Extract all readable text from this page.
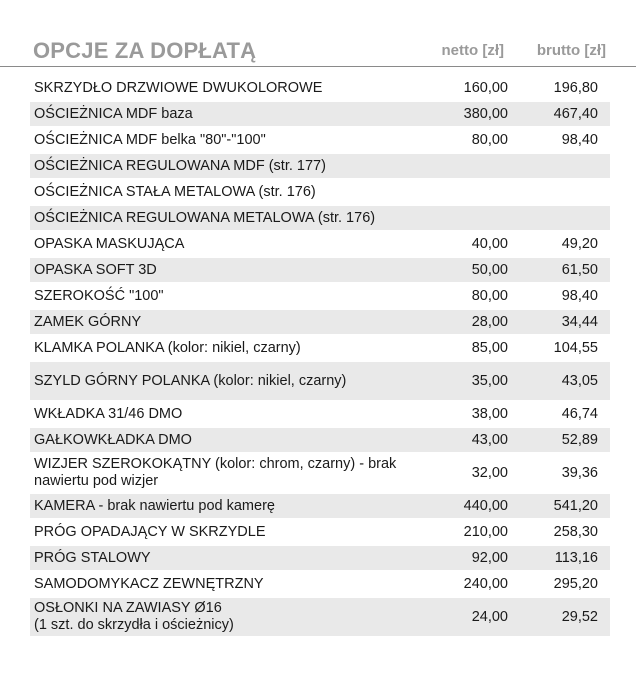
OPCJE ZA DOPŁATĄ	netto [zł]	brutto [zł]
SKRZYDŁO DRZWIOWE DWUKOLOROWE	160,00	196,80
OŚCIEŻNICA MDF baza	380,00	467,40
OŚCIEŻNICA MDF belka "80"-"100"	80,00	98,40
OŚCIEŻNICA REGULOWANA MDF (str. 177)
OŚCIEŻNICA STAŁA METALOWA (str. 176)
OŚCIEŻNICA REGULOWANA METALOWA (str. 176)
OPASKA MASKUJĄCA	40,00	49,20
OPASKA SOFT 3D	50,00	61,50
SZEROKOŚĆ "100"	80,00	98,40
ZAMEK GÓRNY	28,00	34,44
KLAMKA POLANKA (kolor: nikiel, czarny)	85,00	104,55
SZYLD GÓRNY POLANKA (kolor: nikiel, czarny)	35,00	43,05
WKŁADKA 31/46 DMO	38,00	46,74
GAŁKOWKŁADKA DMO	43,00	52,89
WIZJER SZEROKOKĄTNY (kolor: chrom, czarny) - brak nawiertu pod wizjer	32,00	39,36
KAMERA - brak nawiertu pod kamerę	440,00	541,20
PRÓG OPADAJĄCY W SKRZYDLE	210,00	258,30
PRÓG STALOWY	92,00	113,16
SAMODOMYKACZ ZEWNĘTRZNY	240,00	295,20
OSŁONKI NA ZAWIASY Ø16
(1 szt. do skrzydła i ościeżnicy)	24,00	29,52
